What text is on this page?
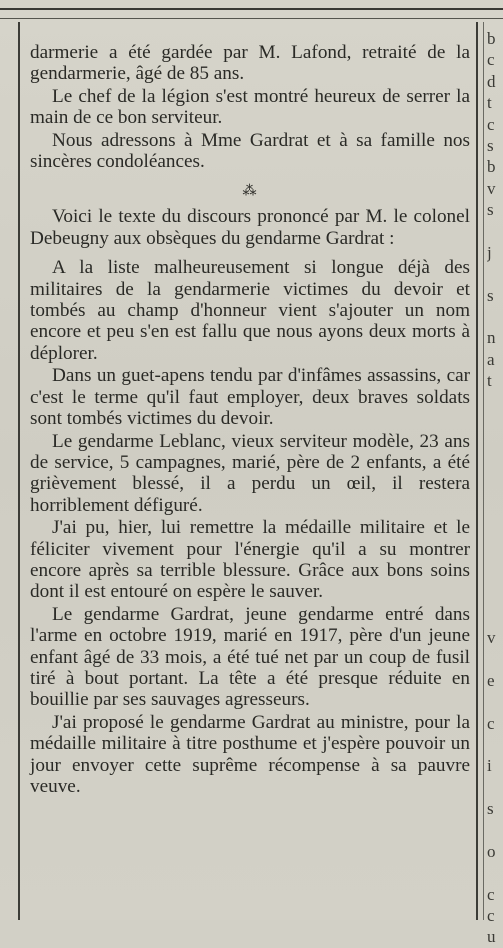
darmerie a été gardée par M. Lafond, retraité de la gendarmerie, âgé de 85 ans.

Le chef de la légion s'est montré heureux de serrer la main de ce bon serviteur.

Nous adressons à Mme Gardrat et à sa famille nos sincères condoléances.

⁂

Voici le texte du discours prononcé par M. le colonel Debeugny aux obsèques du gendarme Gardrat :

A la liste malheureusement si longue déjà des militaires de la gendarmerie victimes du devoir et tombés au champ d'honneur vient s'ajouter un nom encore et peu s'en est fallu que nous ayons deux morts à déplorer.

Dans un guet-apens tendu par d'infâmes assassins, car c'est le terme qu'il faut employer, deux braves soldats sont tombés victimes du devoir.

Le gendarme Leblanc, vieux serviteur modèle, 23 ans de service, 5 campagnes, marié, père de 2 enfants, a été grièvement blessé, il a perdu un œil, il restera horriblement défiguré.

J'ai pu, hier, lui remettre la médaille militaire et le féliciter vivement pour l'énergie qu'il a su montrer encore après sa terrible blessure. Grâce aux bons soins dont il est entouré on espère le sauver.

Le gendarme Gardrat, jeune gendarme entré dans l'arme en octobre 1919, marié en 1917, père d'un jeune enfant âgé de 33 mois, a été tué net par un coup de fusil tiré à bout portant. La tête a été presque réduite en bouillie par ses sauvages agresseurs.

J'ai proposé le gendarme Gardrat au ministre, pour la médaille militaire à titre posthume et j'espère pouvoir un jour envoyer cette suprême récompense à sa pauvre veuve.

b
c
d
t
c
s
b
v
s
j
s
n
a
t
v
e
c
i
s
o
c
c
u
